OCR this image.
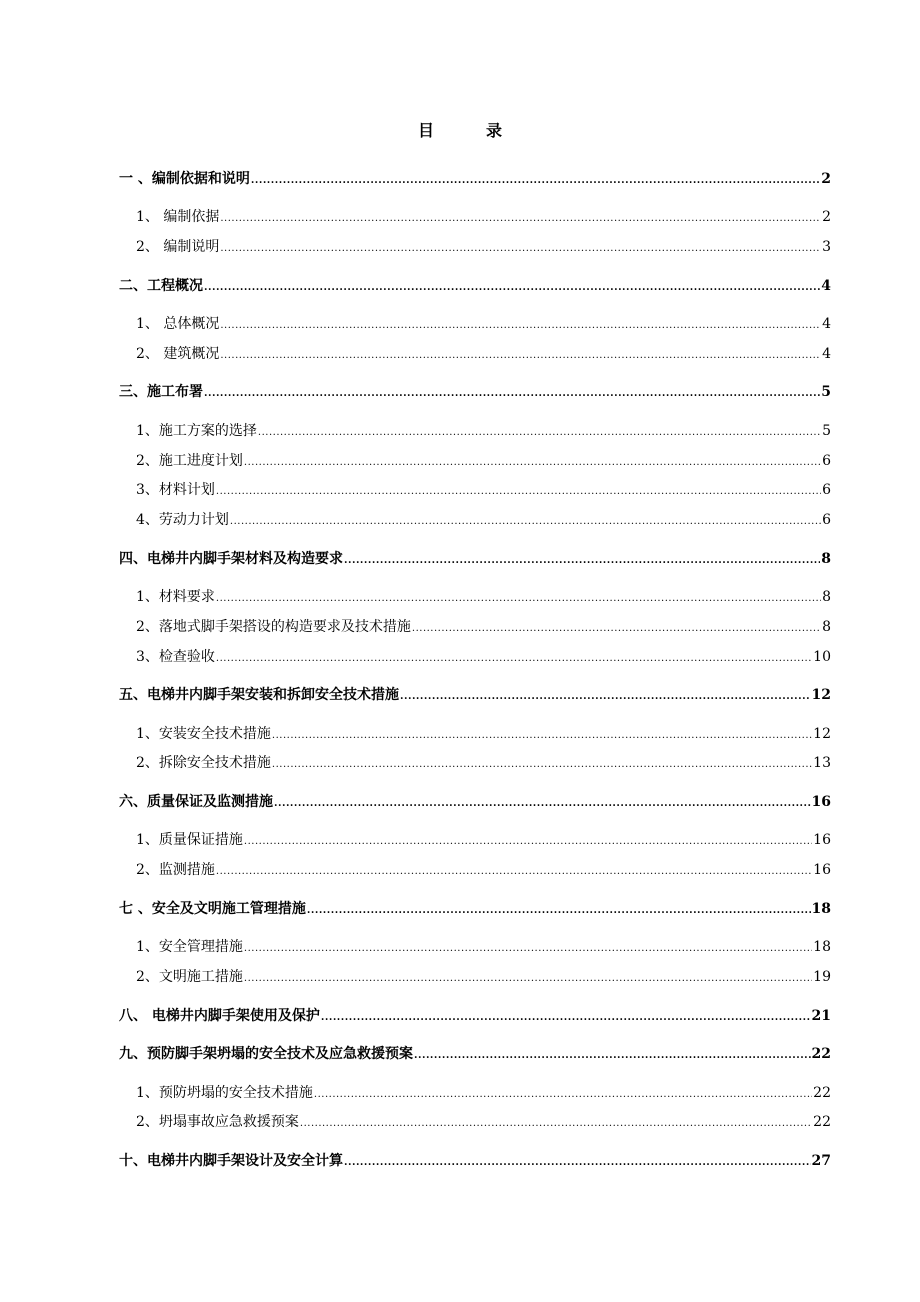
目　录
一 、编制依据和说明 .....	2
1、 编制依据 .....	2
2、 编制说明 .....	3
二、工程概况 .....	4
1、 总体概况 .....	4
2、 建筑概况 .....	4
三、施工布署 .....	5
1、施工方案的选择 .....	5
2、施工进度计划 .....	6
3、材料计划 .....	6
4、劳动力计划 .....	6
四、电梯井内脚手架材料及构造要求 .....	8
1、材料要求 .....	8
2、落地式脚手架搭设的构造要求及技术措施 .....	8
3、检查验收 .....	10
五、电梯井内脚手架安装和拆卸安全技术措施 .....	12
1、安装安全技术措施 .....	12
2、拆除安全技术措施 .....	13
六、质量保证及监测措施 .....	16
1、质量保证措施 .....	16
2、监测措施 .....	16
七 、安全及文明施工管理措施 .....	18
1、安全管理措施 .....	18
2、文明施工措施 .....	19
八、 电梯井内脚手架使用及保护 .....	21
九、预防脚手架坍塌的安全技术及应急救援预案 .....	22
1、预防坍塌的安全技术措施 .....	22
2、坍塌事故应急救援预案 .....	22
十、电梯井内脚手架设计及安全计算 .....	27
